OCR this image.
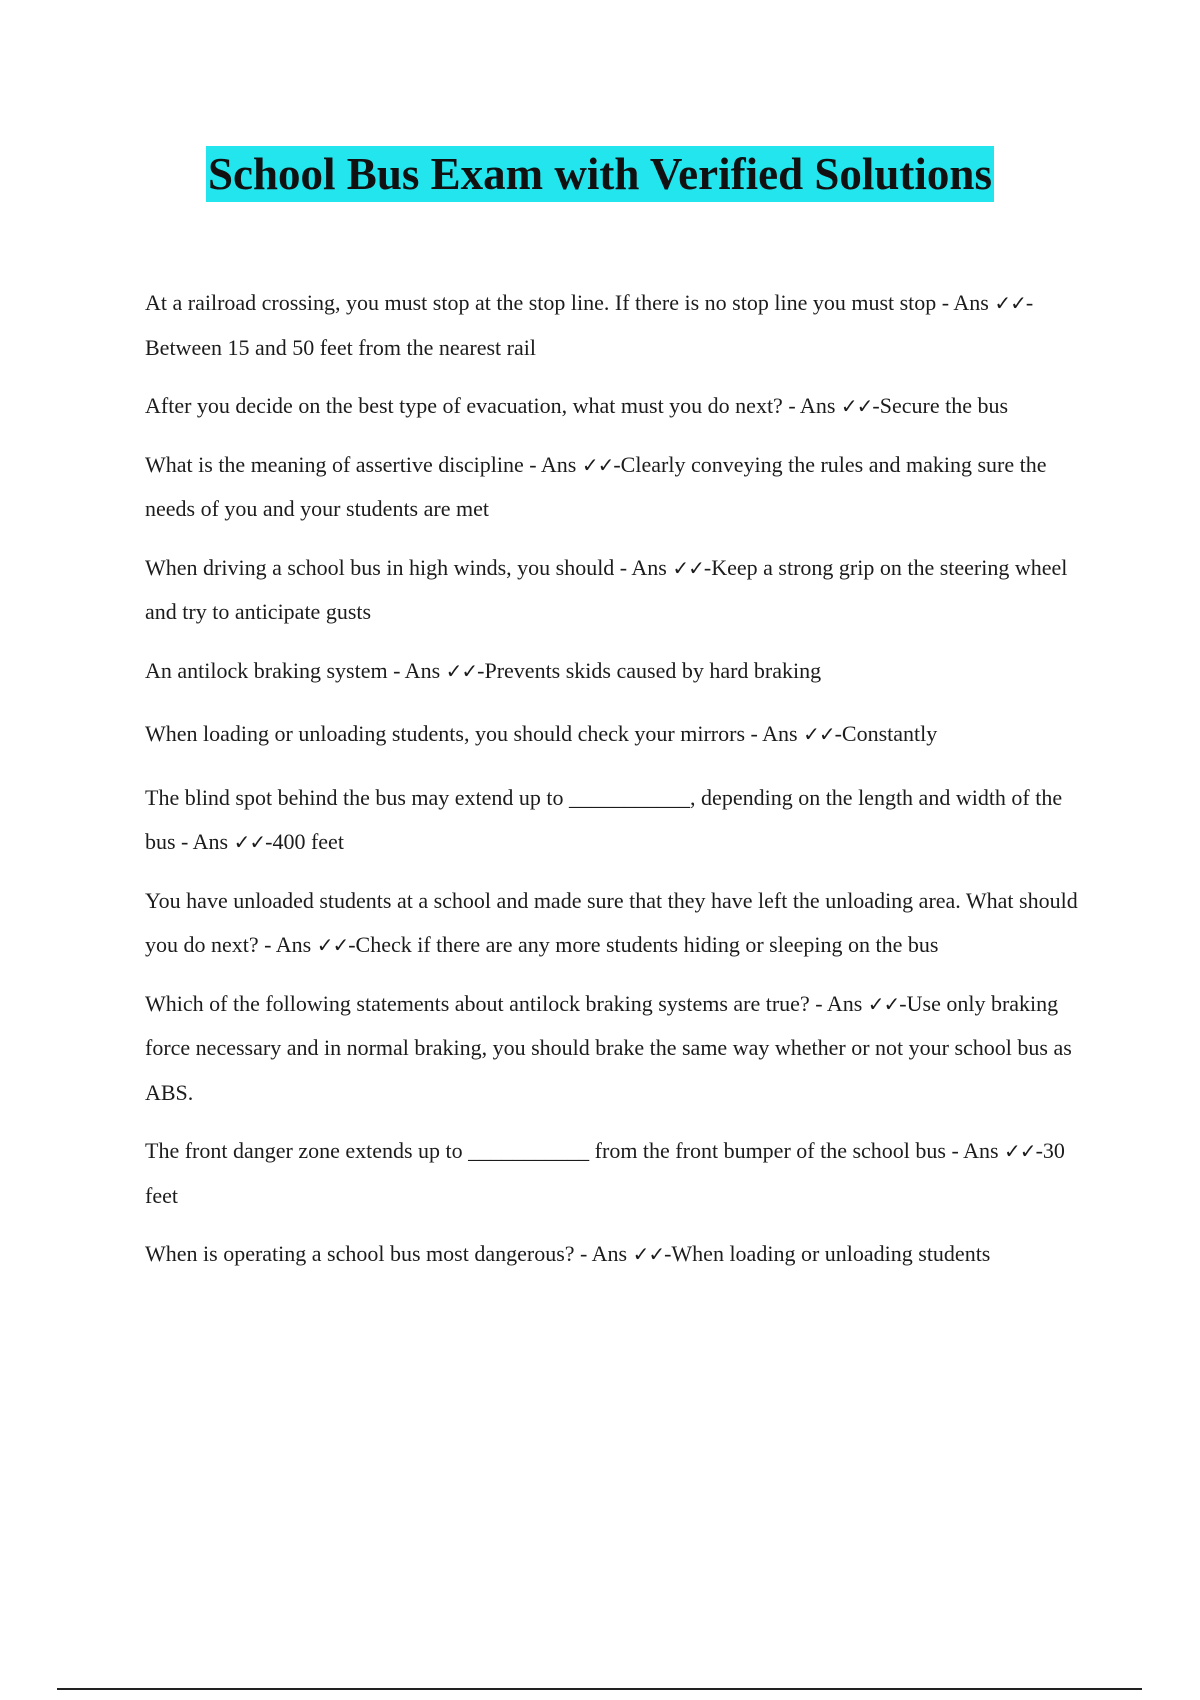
School Bus Exam with Verified Solutions

At a railroad crossing, you must stop at the stop line. If there is no stop line you must stop - Ans ✓✓-Between 15 and 50 feet from the nearest rail

After you decide on the best type of evacuation, what must you do next? - Ans ✓✓-Secure the bus

What is the meaning of assertive discipline - Ans ✓✓-Clearly conveying the rules and making sure the needs of you and your students are met

When driving a school bus in high winds, you should - Ans ✓✓-Keep a strong grip on the steering wheel and try to anticipate gusts

An antilock braking system - Ans ✓✓-Prevents skids caused by hard braking

When loading or unloading students, you should check your mirrors - Ans ✓✓-Constantly

The blind spot behind the bus may extend up to ___________, depending on the length and width of the bus - Ans ✓✓-400 feet

You have unloaded students at a school and made sure that they have left the unloading area. What should you do next? - Ans ✓✓-Check if there are any more students hiding or sleeping on the bus

Which of the following statements about antilock braking systems are true? - Ans ✓✓-Use only braking force necessary and in normal braking, you should brake the same way whether or not your school bus as ABS.

The front danger zone extends up to ___________ from the front bumper of the school bus - Ans ✓✓-30 feet

When is operating a school bus most dangerous? - Ans ✓✓-When loading or unloading students
